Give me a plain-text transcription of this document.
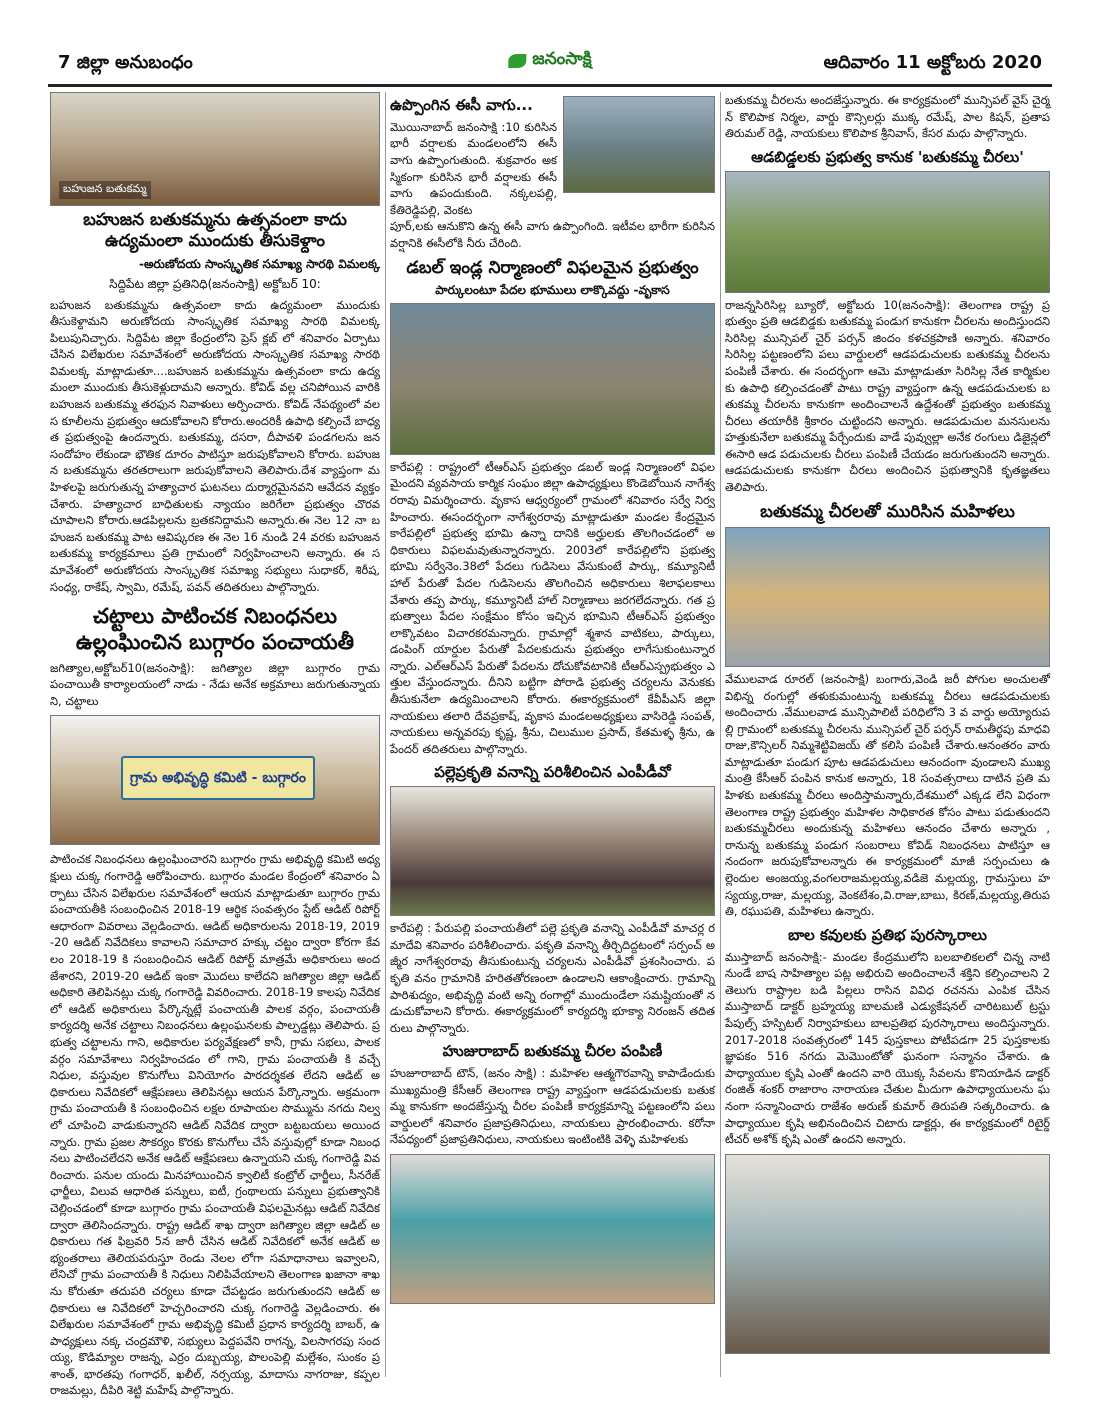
7 జిల్లా అనుబంధం	జనంసాక్షి	ఆదివారం 11 అక్టోబరు 2020
బహుజన బతుకమ్మ
బహుజన బతుకమ్మను ఉత్సవంలా కాదు
ఉద్యమంలా ముందుకు తీసుకెళ్దాం
-అరుణోదయ సాంస్కృతిక సమాఖ్య సారథి విమలక్క
సిద్దిపేట జిల్లా ప్రతినిధి(జనంసాక్షి) అక్టోబర్ 10:

బహుజన బతుకమ్మను ఉత్సవంలా కాదు ఉద్యమంలా ముందుకు తీసుకెళ్దామని అరుణోదయ సాంస్కృతిక సమాఖ్య సారథి విమలక్క పిలుపునిచ్చారు. సిద్దిపేట జిల్లా కేంద్రంలోని ప్రెస్ క్లబ్ లో శనివారం ఏర్పాటు చేసిన విలేఖరుల సమావేశంలో అరుణోదయ సాంస్కృతిక సమాఖ్య సారథి విమలక్క మాట్లాడుతూ....బహుజన బతుకమ్మను ఉత్సవంలా కాదు ఉద్యమంలా ముందుకు తీసుకెళ్లుదామని అన్నారు. కోవిడ్ వల్ల చనిపోయిన వారికి బహుజన బతుకమ్మ తరఫున నివాళులు అర్పించారు. కోవిడ్ నేపథ్యంలో వలస కూలీలను ప్రభుత్వం ఆదుకోవాలని కోరారు.అందరికీ ఉపాధి కల్పించే బాధ్యత ప్రభుత్వంపై ఉందన్నారు. బతుకమ్మ, దసరా, దీపావళి పండగలను జనసందోహం లేకుండా భౌతిక దూరం పాటిస్తూ జరుపుకోవాలని కోరారు. బహుజన బతుకమ్మను తరతరాలుగా జరుపుకోవాలని తెలిపారు.దేశ వ్యాప్తంగా మహిళలపై జరుగుతున్న హత్యాచార ఘటనలు దుర్మార్గమైనవని ఆవేదన వ్యక్తం చేశారు. హత్యాచార బాధితులకు న్యాయం జరిగేలా ప్రభుత్వం చొరవ చూపాలని కోరారు.ఆడపిల్లలను బ్రతకనిద్దామని అన్నారు.ఈ నెల 12 నా బహుజన బతుకమ్మ పాట ఆవిష్కరణ ఈ నెల 16 నుండి 24 వరకు బహుజన బతుకమ్మ కార్యక్రమాలు ప్రతి గ్రామంలో నిర్వహించాలని అన్నారు. ఈ సమావేశంలో అరుణోదయ సాంస్కృతిక సమాఖ్య సభ్యులు సుధాకర్, శిరీష, సంధ్య, రాకేష్, స్వామి, రమేష్, పవన్ తదితరులు పాల్గొన్నారు.

చట్టాలు పాటించక నిబంధనలు
ఉల్లంఘించిన బుగ్గారం పంచాయతీ

జగిత్యాల,అక్టోబర్10(జనంసాక్షి): జగిత్యాల జిల్లా బుగ్గారం గ్రామ పంచాయితీ కార్యాలయంలో నాడు - నేడు అనేక అక్రమాలు జరుగుతున్నాయని, చట్టాలు

గ్రామ అభివృద్ధి కమిటి - బుగ్గారం

పాటించక నిబంధనలు ఉల్లంఘించారని బుగ్గారం గ్రామ అభివృద్ధి కమిటి అధ్యక్షులు చుక్క గంగారెడ్డి ఆరోపించారు. బుగ్గారం మండల కేంద్రంలో శనివారం ఏర్పాటు చేసిన విలేఖరుల సమావేశంలో ఆయన మాట్లాడుతూ బుగ్గారం గ్రామ పంచాయతీకి సంబంధించిన 2018-19 ఆర్థిక సంవత్సరం స్టేట్ ఆడిట్ రిపోర్ట్ ఆధారంగా వివరాలు వెల్లడించారు. ఆడిట్ అధికారులను 2018-19, 2019-20 ఆడిట్ నివేదికలు కావాలని సమాచార హక్కు చట్టం ద్వారా కోరగా కేవలం 2018-19 కి సంబంధించిన ఆడిట్ రిపోర్ట్ మాత్రమే అధికారులు అందజేశారని, 2019-20 ఆడిట్ ఇంకా మొదలు కాలేదని జగిత్యాల జిల్లా ఆడిట్ అధికారి తెలిపినట్లు చుక్క గంగారెడ్డి వివరించారు. 2018-19 కాలపు నివేదికలో ఆడిట్ అధికారులు పేర్కొన్నట్లే పంచాయతీ పాలక వర్గం, పంచాయతీ కార్యదర్శి అనేక చట్టాలు నిబంధనలు ఉల్లంఘనలకు పాల్పడ్డట్లు తెలిపారు. ప్రభుత్వ చట్టాలను గాని, అధికారుల పర్యవేక్షణలో కానీ, గ్రామ సభలు, పాలక వర్గం సమావేశాలు నిర్వహించడం లో గాని, గ్రామ పంచాయతీ కి వచ్చే నిధుల, వస్తువుల కొనుగోలు వినియోగం పారదర్శకత లేదని ఆడిట్ అధికారులు నివేదికలో ఆక్షేపణలు తెలిపినట్లు ఆయన పేర్కొన్నారు. అక్రమంగా గ్రామ పంచాయతీ కి సంబంధించిన లక్షల రూపాయల సొమ్మును నగదు నిల్వలో చూపించి వాడుకున్నారని ఆడిట్ నివేదిక ద్వారా బట్టబయలు అయిందన్నారు. గ్రామ ప్రజల సౌకర్యం కొరకు కొనుగోలు చేసే వస్తువుల్లో కూడా నిబంధనలు పాటించలేదని అనేక ఆడిట్ ఆక్షేపణలు ఉన్నాయని చుక్క గంగారెడ్డి వివరించారు. పనుల యందు మినహాయించిన క్వాలిటీ కంట్రోల్ ఛార్జీలు, సీనరేజ్ ఛార్జీలు, విలువ ఆధారిత పన్నులు, ఐటీ, గ్రంథాలయ పన్నులు ప్రభుత్వానికి చెల్లించడంలో కూడా బుగ్గారం గ్రామ పంచాయతీ విఫలమైనట్లు ఆడిట్ నివేదిక ద్వారా తెలిసిందన్నారు. రాష్ట్ర ఆడిట్ శాఖ ద్వారా జగిత్యాల జిల్లా ఆడిట్ అధికారులు గత ఫిబ్రవరి 5న జారీ చేసిన ఆడిట్ నివేదికలో అనేక ఆడిట్ అభ్యంతరాలు తెలియపరుస్తూ రెండు నెలల లోగా సమాధానాలు ఇవ్వాలని, లేనిచో గ్రామ పంచాయతీ కి నిధులు నిలిపివేయాలని తెలంగాణ ఖజానా శాఖను కోరుతూ తదుపరి చర్యలు కూడా చేపట్టడం జరుగుతుందని ఆడిట్ అధికారులు ఆ నివేదికలో హెచ్చరించారని చుక్క గంగారెడ్డి వెల్లడించారు. ఈ విలేఖరుల సమావేశంలో గ్రామ అభివృద్ధి కమిటీ ప్రధాన కార్యదర్శి బాబర్, ఉపాధ్యక్షులు నక్క చంద్రమౌళి, సభ్యులు పెద్దపవేని రాగన్న, విలసాగరపు సందయ్య, కొడిమ్యాల రాజన్న, ఎర్రం దుబ్బయ్య, పొలంపెల్లి మల్లేశం, సుంకం ప్రశాంత్, భారతపు గంగాధర్, ఖలీల్, నర్సయ్య, మాదాసు నాగరాజు, కప్పల రాజమల్లు, దీపిరి శెట్టి మహేష్ పాల్గొన్నారు.

ఉప్పొంగిన ఈసీ వాగు...

మొయినాబాద్ జనంసాక్షి :10 కురిసిన భారీ వర్షాలకు మండలంలోని ఈసీ వాగు ఉప్పొంగుతుంది. శుక్రవారం అకస్మికంగా కురిసిన భారీ వర్షాలకు ఈసీ వాగు ఉపందుకుంది. నక్కలపల్లి, కేతిరెడ్డిపల్లి, వెంకట

పూర్,లకు ఆనుకొని ఉన్న ఈసీ వాగు ఉప్పొంగింది. ఇటీవల భారీగా కురిసిన వర్షానికి ఈసీలోకి నీరు చేరింది.

డబల్ ఇండ్ల నిర్మాణంలో విఫలమైన ప్రభుత్వం
పార్కులంటూ పేదల భూములు లాక్కొవద్దు -వృకాస

కారేపల్లి : రాష్ట్రంలో టీఆర్ఎస్ ప్రభుత్వం డబల్ ఇండ్ల నిర్మాణంలో విఫలమైందని వ్యవసాయ కార్మిక సంఘం జిల్లా ఉపాధ్యక్షులు కొండెబోయిన నాగేశ్వరరావు విమర్శించారు. వృకాస ఆధ్వర్యంలో గ్రామంలో శనివారం సర్వే నిర్వహించారు. ఈసందర్భంగా నాగేశ్వరరావు మాట్లాడుతూ మండల కేంద్రమైన కారేపల్లిలో ప్రభుత్వ భూమి ఉన్నా దానికి అర్హులకు తొలగించడంలో అధికారులు విఫలమవుతున్నారన్నారు. 2003లో కారేపల్లిలోని ప్రభుత్వ భూమి సర్వేనెం.38లో పేదలు గుడిసెలు వేసుకుంటే పార్కు, కమ్యూనిటీ హాల్ పేరుతో పేదల గుడిసెలను తొలగించిన అధికారులు శిలాఫలకాలు వేశారు తప్ప పార్కు, కమ్యూనిటీ హాల్ నిర్మాణాలు జరగలేదన్నారు. గత ప్రభుత్వాలు పేదల సంక్షేమం కోసం ఇచ్చిన భూమిని టీఆర్ఎస్ ప్రభుత్వం లాక్కొవటం విచారకరమన్నారు. గ్రామాల్లో శ్మశాన వాటికలు, పార్కులు, డంపింగ్ యార్డుల పేరుతో పేదలకుదును ప్రభుత్వం లాగేసుకుంటున్నారన్నారు. ఎల్ఆర్ఎస్ పేరుతో పేదలను దోచుకోవటానికి టీఆర్ఎస్ప్రభుత్వం ఎత్తుల వేస్తుందన్నారు. దీనిని బట్టిగా పోరాడి ప్రభుత్వ చర్యలను వెనుకకు తీసుకునేలా ఉద్యమించాలని కోరారు. ఈకార్యక్రమంలో కేవీపీఎస్ జిల్లా నాయకులు తలారి దేవప్రకాష్, వృకాస మండలఅధ్యక్షులు వాసిరెడ్డి సంపత్, నాయకులు అన్నవరపు కృష్ణ, శ్రీను, చిలుముల ప్రసాద్, కేతమళ్ళ శ్రీను, ఉపేందర్ తదితరులు పాల్గొన్నారు.

పల్లెప్రకృతి వనాన్ని పరిశీలించిన ఎంపీడీవో

కారేపల్లి : పేరుపల్లి పంచాయతీలో పల్లె ప్రకృతి వనాన్ని ఎంపీడీవో మాచర్ల రమాదేవి శనివారం పరిశీలించారు. పకృతి వనాన్ని తీర్చిదిద్దటంలో సర్పంచ్ అజ్మీర నాగేశ్వరరావు తీసుకుంటున్న చర్యలను ఎంపీడీవో ప్రశంసించారు. పకృతి వనం గ్రామానికి హరితతోరణంలా ఉండాలని ఆకాంక్షించారు. గ్రామాన్ని పారిశుద్యం, అభివృద్ధి వంటి అన్ని రంగాల్లో ముందుండేలా సమష్టియంతో నడుచుకోవాలని కోరారు. ఈకార్యక్రమంలో కార్యదర్శి భూక్యా నిరంజన్ తదితరులు పాల్గొన్నారు.

హుజురాబాద్ బతుకమ్మ చీరల పంపిణీ

హుజూరాబాద్ టౌన్, (జనం సాక్షి) : మహిళల ఆత్మగౌరవాన్ని కాపాడేందుకు ముఖ్యమంత్రి కేసీఆర్ తెలంగాణ రాష్ట్ర వ్యాప్తంగా ఆడపడుచులకు బతుకమ్మ కానుకగా అందజేస్తున్న చీరల పంపిణీ కార్యక్రమాన్ని పట్టణంలోని పలు వార్డులలో శనివారం ప్రజాప్రతినిధులు, నాయకులు ప్రారంభించారు. కరోనా నేపధ్యంలో ప్రజాప్రతినిధులు, నాయకులు ఇంటింటికి వెళ్ళి మహిళలకు

బతుకమ్మ చీరలను అందజేస్తున్నారు. ఈ కార్యక్రమంలో మున్సిపల్ వైస్ చైర్మన్ కొలిపాక నిర్మల, వార్డు కౌన్సిలర్లు ముక్క రమేష్, పాల కిషన్, ప్రతాప తిరుమల్ రెడ్డి, నాయకులు కొలిపాక శ్రీనివాస్, కేసర మధు పాల్గొన్నారు.

ఆడబిడ్డలకు ప్రభుత్వ కానుక 'బతుకమ్మ చీరలు'

రాజన్నసిరిసిల్ల బ్యూరో, అక్టోబరు 10(జనంసాక్షి): తెలంగాణ రాష్ట్ర ప్రభుత్వం ప్రతి ఆడబిడ్డకు బతుకమ్మ పండుగ కానుకగా చీరలను అందిస్తుందని సిరిసిల్ల మున్సిపల్ చైర్ పర్సన్ జిందం కళచక్రపాణి అన్నారు. శనివారం సిరిసిల్ల పట్టణంలోని పలు వార్డులలో ఆడపడుచులకు బతుకమ్మ చీరలను పంపిణీ చేశారు. ఈ సందర్భంగా ఆమె మాట్లాడుతూ సిరిసిల్ల నేత కార్మికులకు ఉపాధి కల్పించడంతో పాటు రాష్ట్ర వ్యాప్తంగా ఉన్న ఆడపడుచులకు బతుకమ్మ చీరలను కానుకగా అందించాలనే ఉద్దేశంతో ప్రభుత్వం బతుకమ్మ చీరలు తయారీకి శ్రీకారం చుట్టిందని అన్నారు. ఆడపడుచుల మనసులను హత్తుకునేలా బతుకమ్మ పేర్చేందుకు వాడే పువ్వుల్లా అనేక రంగులు డిజైన్లలో ఈసారి ఆడ పడుచులకు చీరలు పంపిణీ చేయడం జరుగుతుందని అన్నారు. ఆడపడుచులకు కానుకగా చీరలు అందించిన ప్రభుత్వానికి కృతజ్ఞతలు తెలిపారు.

బతుకమ్మ చీరలతో మురిసిన మహిళలు

వేములవాడ రూరల్ (జనంసాక్షి) బంగారు,వెండి జరీ పోగుల అంచులతో విభిన్న రంగుల్లో తళుకుమంటున్న బతుకమ్మ చీరలు ఆడపడుచులకు అందించారు .వేములవాడ మున్సిపాలిటీ పరిధిలోని 3 వ వార్డు అయ్యోరుపల్లి గ్రామంలో బతుకమ్మ చీరలను మున్సిపల్ చైర్ పర్సన్ రామతీర్థపు మాధవి రాజు,కౌన్సిలర్ నిమ్మశెట్టివిజయ్ తో కలిసి పంపిణీ చేశారు.ఆనంతరం వారు మాట్లాడుతూ పండుగ పూట ఆడపడుచులు ఆనందంగా వుండాలని ముఖ్యమంత్రి కేసీఆర్ పంపిన కానుక అన్నారు, 18 సంవత్సరాలు దాటిన ప్రతి మహిళకు బతుకమ్మ చీరలు అందిస్తామన్నారు,దేశములో ఎక్కడ లేని విధంగా తెలంగాణ రాష్ట్ర ప్రభుత్వం మహిళల సాధికారత కోసం పాటు పడుతుందని బతుకమ్మచీరలు అందుకున్న మహిళలు ఆనందం చేశారు అన్నారు , రానున్న బతుకమ్మ పండుగ సంబరాలు కోవిడ్ నిబంధనలు పాటిస్తూ ఆనందంగా జరుపుకోవాలన్నారు ఈ కార్యక్రమంలో మాజీ సర్పంచులు ఉల్లెందుల అంజయ్య,వంగలరాజమల్లయ్య,వడిజె మల్లయ్య, గ్రామస్తులు హస్యయ్య,రాజు, మల్లయ్య, వెంకటేశం,వి.రాజు,బాబు, కిరణ్,మల్లయ్య,తిరుపతి, రఘుపతి, మహిళలు ఉన్నారు.

బాల కవులకు ప్రతిభ పురస్కారాలు

ముస్తాబాద్ జనంసాక్షి:- మండల కేంద్రములోని బలబాలికలలో చిన్న నాటి నుండే బాష సాహిత్యాల పట్ల అభిరుచి అందించాలనే శక్తిని కల్పించాలని 2 తెలుగు రాష్ట్రాల బడి పిల్లలు రాసిన వివిధ రచనను ఎంపిక చేసిన ముస్తాబాద్ డాక్టర్ బ్రహ్మయ్య బాలమణి ఎడ్యుకేషనల్ చారిటబుల్ ట్రస్టు పేపుల్స్ హస్పిటల్ నిర్వాహకులు బాలప్రతిభ పురస్కారాలు అందిస్తున్నారు. 2017-2018 సంవత్సరంలో 145 పుస్తకాలు పోటీపడగా 25 పుస్తకాలకు జ్ఞాపకం 516 నగదు మెమొంటోతో ఘనంగా సన్మానం చేశారు. ఉపాధ్యాయుల కృషి ఎంతో ఉందని వారి యొక్క సేవలను కొనియాడిన డాక్టర్ రంజిత్ శంకర్ రాజారాం నారాయణ చేతుల మీదుగా ఉపాధ్యాయులను ఘనంగా సన్మానించారు రాజేశం అరుణ్ కుమార్ తిరుపతి సత్కరించారు. ఉపాధ్యాయుల కృషి అభినందించిన చిటారు డాక్టర్లు, ఈ కార్యక్రమంలో రిటైర్డ్ టీచర్ అశోక్ కృషి ఎంతో ఉందని అన్నారు.
